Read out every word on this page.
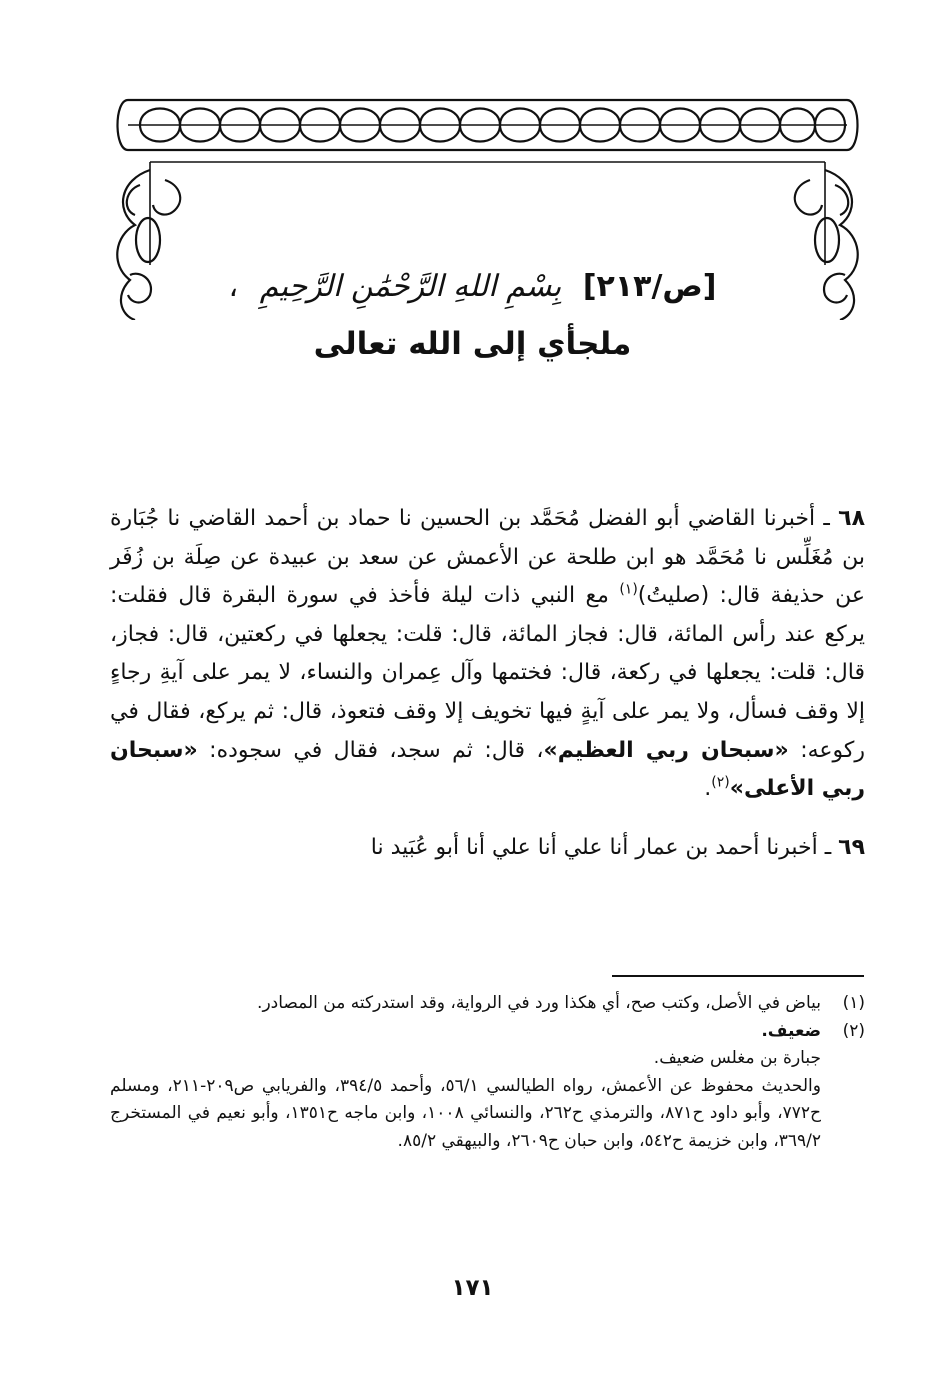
[ص/٢١٣] بِسْمِ اللهِ الرَّحْمَٰنِ الرَّحِيمِ ،
ملجأي إلى الله تعالى

٦٨ ـ أخبرنا القاضي أبو الفضل مُحَمَّد بن الحسين نا حماد بن أحمد القاضي نا جُبَارة بن مُغَلِّس نا مُحَمَّد هو ابن طلحة عن الأعمش عن سعد بن عبيدة عن صِلَة بن زُفَر عن حذيفة قال: (صليتُ)$^{(١)}$ مع النبي ذات ليلة فأخذ في سورة البقرة قال فقلت: يركع عند رأس المائة، قال: فجاز المائة، قال: قلت: يجعلها في ركعتين، قال: فجاز، قال: قلت: يجعلها في ركعة، قال: فختمها وآل عِمران والنساء، لا يمر على آيةِ رجاءٍ إلا وقف فسأل، ولا يمر على آيةٍ فيها تخويف إلا وقف فتعوذ، قال: ثم يركع، فقال في ركوعه: «سبحان ربي العظيم»، قال: ثم سجد، فقال في سجوده: «سبحان ربي الأعلى»$^{(٢)}$.

٦٩ ـ أخبرنا أحمد بن عمار أنا علي أنا علي أنا أبو عُبَيد نا

(١)
بياض في الأصل، وكتب صح، أي هكذا ورد في الرواية، وقد استدركته من المصادر.
(٢)
ضعيف.
جبارة بن مغلس ضعيف.
والحديث محفوظ عن الأعمش، رواه الطيالسي ٥٦/١، وأحمد ٣٩٤/٥، والفريابي ص٢٠٩-٢١١، ومسلم ح٧٧٢، وأبو داود ح٨٧١، والترمذي ح٢٦٢، والنسائي ١٠٠٨، وابن ماجه ح١٣٥١، وأبو نعيم في المستخرج ٣٦٩/٢، وابن خزيمة ح٥٤٢، وابن حبان ح٢٦٠٩، والبيهقي ٨٥/٢.
١٧١
